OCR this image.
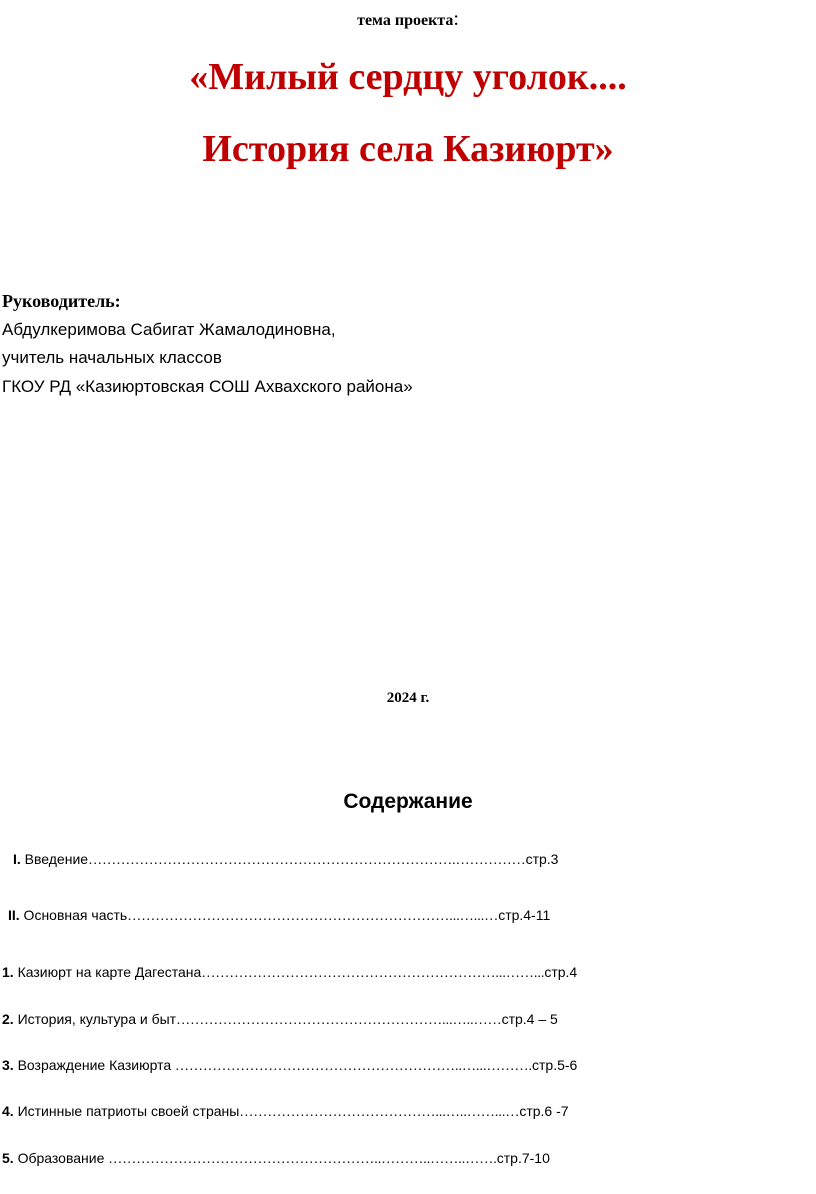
тема проекта:
«Милый сердцу уголок....
История села Казиюрт»
Руководитель:
Абдулкеримова Сабигат Жамалодиновна,
учитель начальных классов
ГКОУ РД «Казиюртовская СОШ Ахвахского района»
2024 г.
Содержание
I. Введение…………………………………………………………………….……………стр.3
II. Основная часть……………………………………………………………...…...…стр.4-11
1. Казиюрт на карте Дагестана………………………………………………………...……...стр.4
2. История, культура и быт…………………………………………………...…..……стр.4 – 5
3. Возраждение Казиюрта ……………………………………………………..…...……….стр.5-6
4. Истинные патриоты своей страны……………………………………...…..……...…стр.6 -7
5. Образование …………………………………………………..………..……..…….стр.7-10
